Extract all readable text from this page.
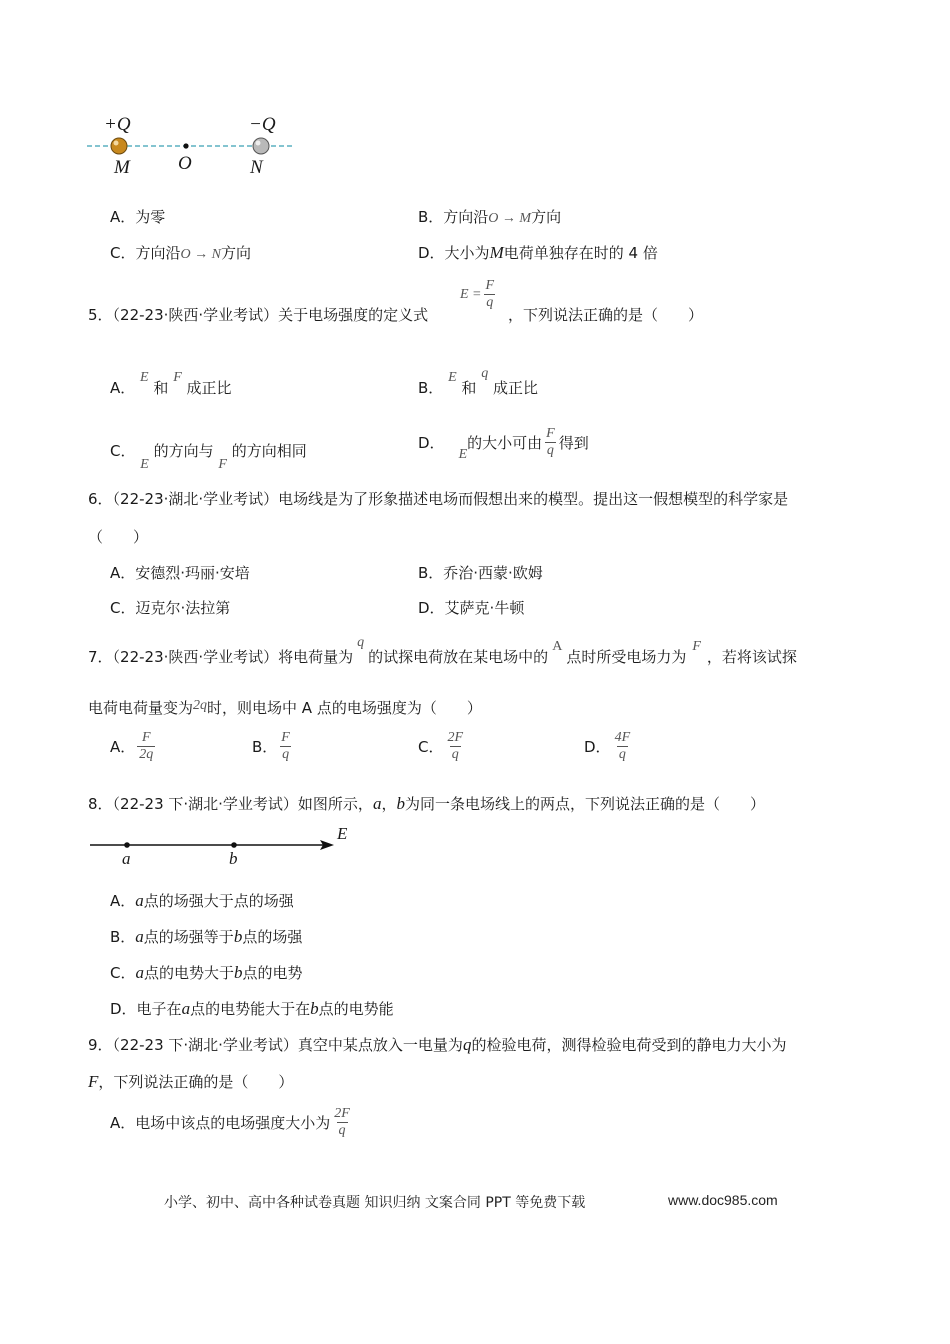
+Q	−Q
M	O	N
A．为零	B．方向沿O → M方向
C．方向沿O → N方向	D．大小为M电荷单独存在时的 4 倍
5．（22-23·陕西·学业考试）关于电场强度的定义式
$E = \frac{F}{q}$
，下列说法正确的是（　　）
A． E 和 F 成正比	B． E 和 q 成正比
C． E 的方向与 F 的方向相同	D．
E
的大小可由 $\frac{F}{q}$ 得到
6．（22-23·湖北·学业考试）电场线是为了形象描述电场而假想出来的模型。提出这一假想模型的科学家是
（　　）
A．安德烈·玛丽·安培	B．乔治·西蒙·欧姆
C．迈克尔·法拉第	D．艾萨克·牛顿
7．（22-23·陕西·学业考试）将电荷量为q的试探电荷放在某电场中的A点时所受电场力为F，若将该试探
电荷电荷量变为2q时，则电场中 A 点的电场强度为（　　）
A． $\frac{F}{2q}$	B． $\frac{F}{q}$	C． $\frac{2F}{q}$	D． $\frac{4F}{q}$
8．（22-23 下·湖北·学业考试）如图所示，a，b为同一条电场线上的两点，下列说法正确的是（　　）
E
a	b
A．a点的场强大于点的场强
B．a点的场强等于b点的场强
C．a点的电势大于b点的电势
D．电子在a点的电势能大于在b点的电势能
9．（22-23 下·湖北·学业考试）真空中某点放入一电量为q的检验电荷，测得检验电荷受到的静电力大小为
F，下列说法正确的是（　　）
A．电场中该点的电场强度大小为 $\frac{2F}{q}$
小学、初中、高中各种试卷真题 知识归纳 文案合同 PPT 等免费下载	www.doc985.com
